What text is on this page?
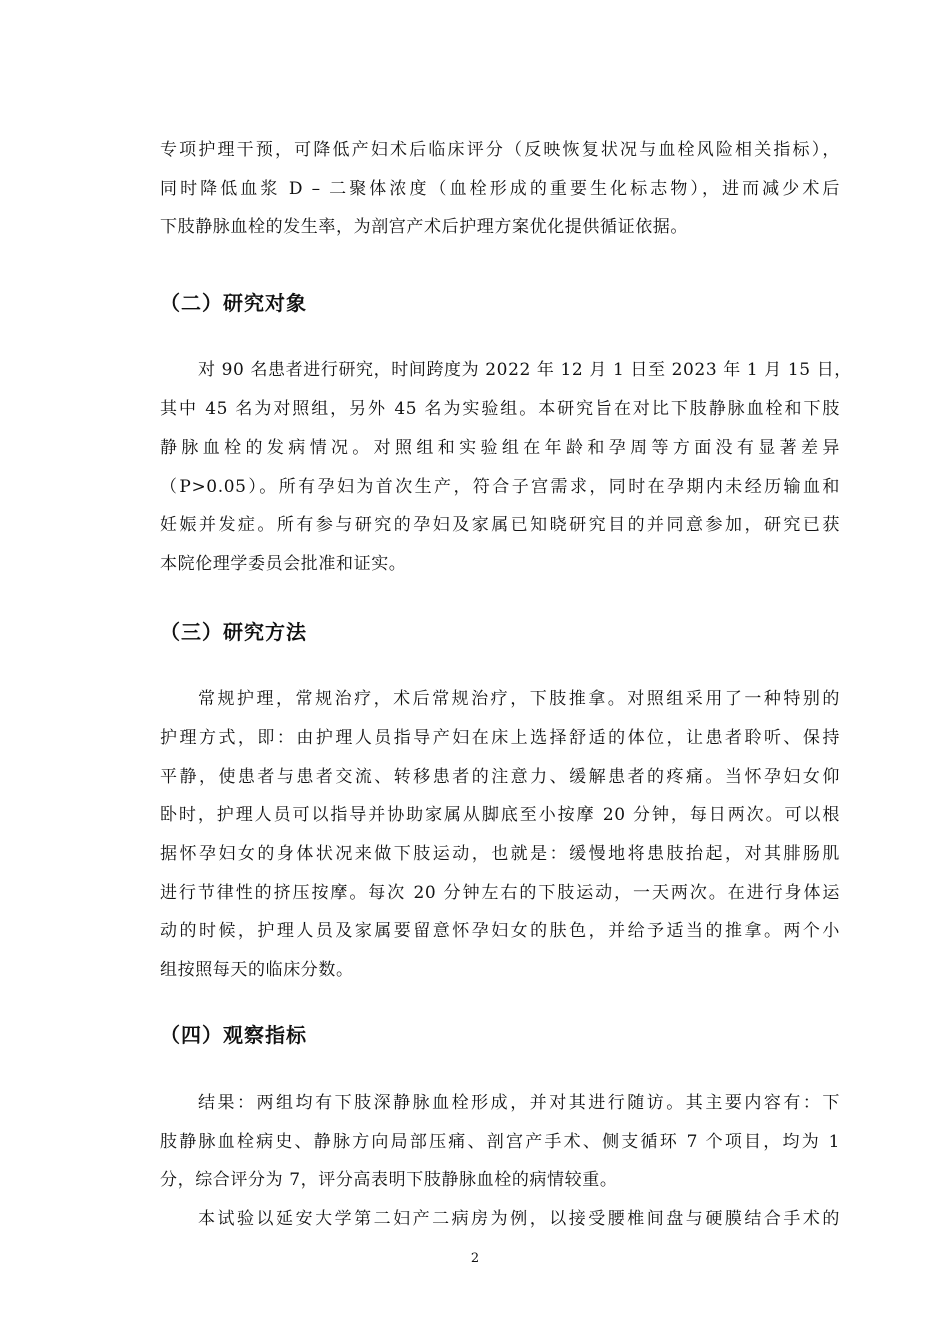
专项护理干预，可降低产妇术后临床评分（反映恢复状况与血栓风险相关指标），
同时降低血浆 D – 二聚体浓度（血栓形成的重要生化标志物），进而减少术后
下肢静脉血栓的发生率，为剖宫产术后护理方案优化提供循证依据。
（二）研究对象
对 90 名患者进行研究，时间跨度为 2022 年 12 月 1 日至 2023 年 1 月 15 日，
其中 45 名为对照组，另外 45 名为实验组。本研究旨在对比下肢静脉血栓和下肢
静脉血栓的发病情况。对照组和实验组在年龄和孕周等方面没有显著差异
（P>0.05）。所有孕妇为首次生产，符合子宫需求，同时在孕期内未经历输血和
妊娠并发症。所有参与研究的孕妇及家属已知晓研究目的并同意参加，研究已获
本院伦理学委员会批准和证实。
（三）研究方法
常规护理，常规治疗，术后常规治疗，下肢推拿。对照组采用了一种特别的
护理方式，即：由护理人员指导产妇在床上选择舒适的体位，让患者聆听、保持
平静，使患者与患者交流、转移患者的注意力、缓解患者的疼痛。当怀孕妇女仰
卧时，护理人员可以指导并协助家属从脚底至小按摩 20 分钟，每日两次。可以根
据怀孕妇女的身体状况来做下肢运动，也就是：缓慢地将患肢抬起，对其腓肠肌
进行节律性的挤压按摩。每次 20 分钟左右的下肢运动，一天两次。在进行身体运
动的时候，护理人员及家属要留意怀孕妇女的肤色，并给予适当的推拿。两个小
组按照每天的临床分数。
（四）观察指标
结果：两组均有下肢深静脉血栓形成，并对其进行随访。其主要内容有：下
肢静脉血栓病史、静脉方向局部压痛、剖宫产手术、侧支循环 7 个项目，均为 1
分，综合评分为 7，评分高表明下肢静脉血栓的病情较重。
本试验以延安大学第二妇产二病房为例，以接受腰椎间盘与硬膜结合手术的
2
